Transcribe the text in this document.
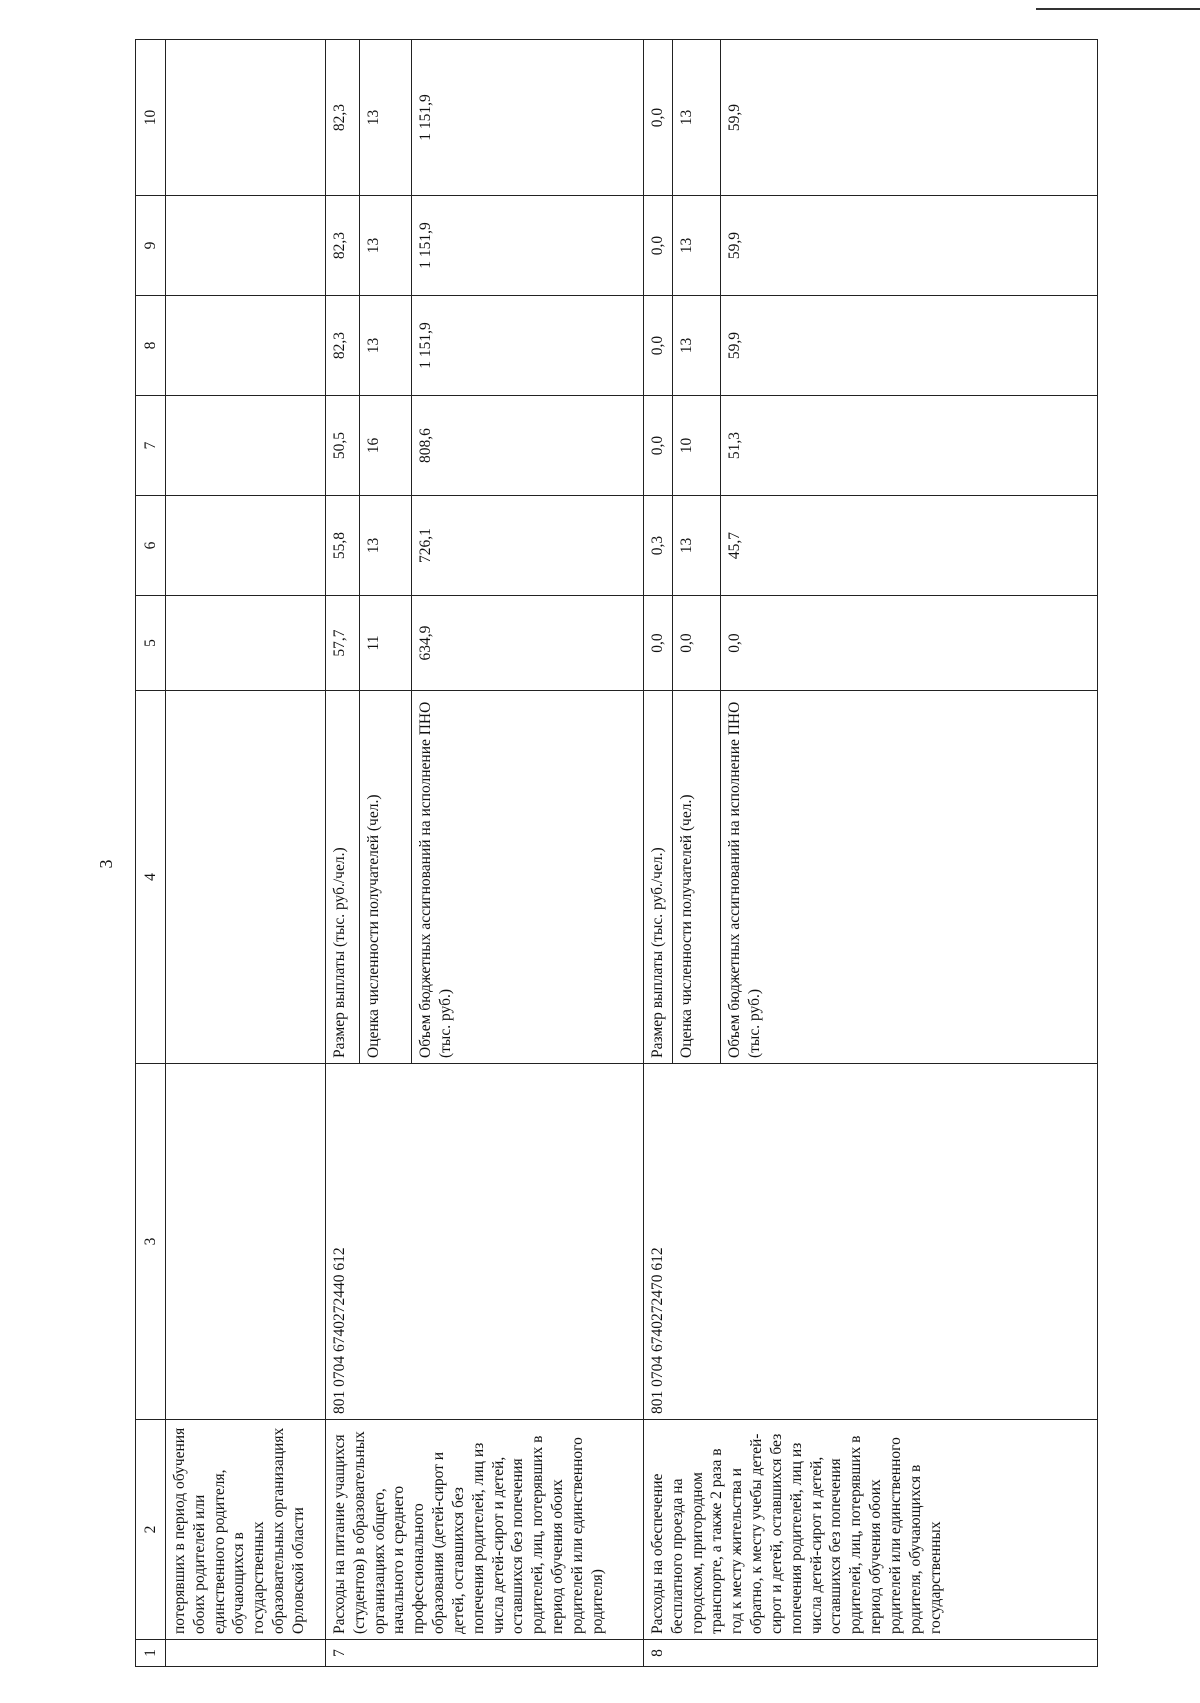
3
1	2	3	4	5	6	7	8	9	10
	потерявших в период обучения обоих родителей или единственного родителя, обучающихся в государственных образовательных организациях Орловской области								
7	Расходы на питание учащихся (студентов) в образовательных организациях общего, начального и среднего профессионального образования (детей-сирот и детей, оставшихся без попечения родителей, лиц из числа детей-сирот и детей, оставшихся без попечения родителей, лиц, потерявших в период обучения обоих родителей или единственного родителя)	801 0704 6740272440 612	Размер выплаты (тыс. руб./чел.)	57,7	55,8	50,5	82,3	82,3	82,3
			Оценка численности получателей (чел.)	11	13	16	13	13	13
			Объем бюджетных ассигнований на исполнение ПНО (тыс. руб.)	634,9	726,1	808,6	1 151,9	1 151,9	1 151,9
8	Расходы на обеспечение бесплатного проезда на городском, пригородном транспорте, а также 2 раза в год к месту жительства и обратно, к месту учебы детей-сирот и детей, оставшихся без попечения родителей, лиц из числа детей-сирот и детей, оставшихся без попечения родителей, лиц, потерявших в период обучения обоих родителей или единственного родителя, обучающихся в государственных	801 0704 6740272470 612	Размер выплаты (тыс. руб./чел.)	0,0	0,3	0,0	0,0	0,0	0,0
			Оценка численности получателей (чел.)	0,0	13	10	13	13	13
			Объем бюджетных ассигнований на исполнение ПНО (тыс. руб.)	0,0	45,7	51,3	59,9	59,9	59,9
